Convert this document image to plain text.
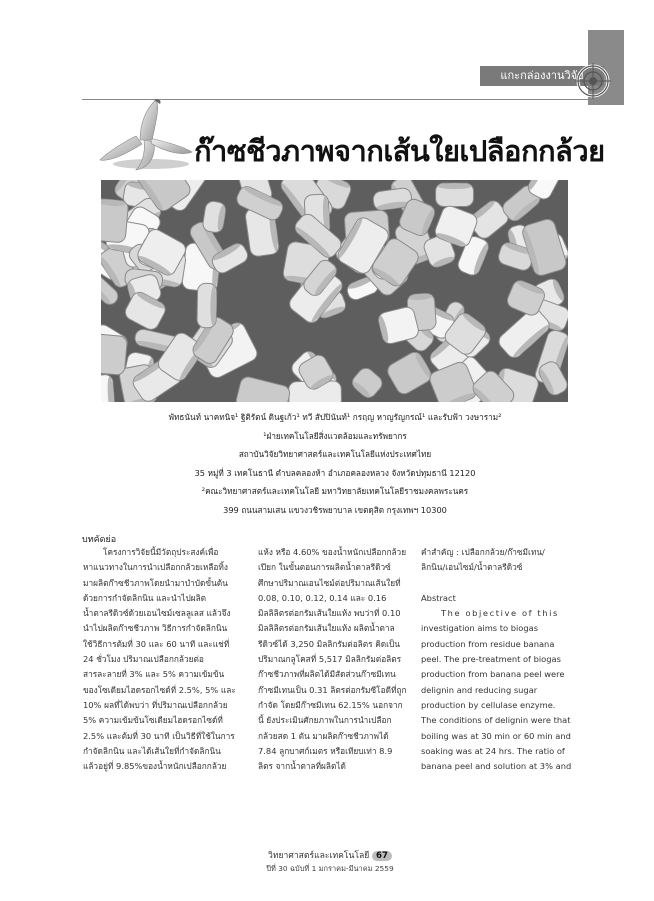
แกะกล่องงานวิจัย
ก๊าซชีวภาพจากเส้นใยเปลือกกล้วย
พัทธนันท์ นาคทนิจ¹ ฐิติรัตน์ ดินฐเก้ว¹ ทวี สัปปินันท์¹ กรฤญ หาญรัญกรณ์¹ และรับฟ้า วงษาราม²
¹ฝ่ายเทคโนโลยีสิ่งแวดล้อมและทรัพยากร
สถาบันวิจัยวิทยาศาสตร์และเทคโนโลยีแห่งประเทศไทย
35 หมู่ที่ 3 เทคโนธานี ตำบลคลองห้า อำเภอคลองหลวง จังหวัดปทุมธานี 12120
²คณะวิทยาศาสตร์และเทคโนโลยี มหาวิทยาลัยเทคโนโลยีราชมงคลพระนคร
399 ถนนสามเสน แขวงวชิรพยาบาล เขตดุสิต กรุงเทพฯ 10300
บทคัดย่อ

โครงการวิจัยนี้มีวัตถุประสงค์เพื่อ

หาแนวทางในการนำเปลือกกล้วยเหลือทิ้ง

มาผลิตก๊าซชีวภาพโดยนำมาบำบัดขั้นต้น

ด้วยการกำจัดลิกนิน และนำไปผลิต

น้ำตาลรีดิวซ์ด้วยเอนไซม์เซลลูเลส แล้วจึง

นำไปผลิตก๊าซชีวภาพ วิธีการกำจัดลิกนิน

ใช้วิธีการต้มที่ 30 และ 60 นาที และแช่ที่

24 ชั่วโมง ปริมาณเปลือกกล้วยต่อ

สารละลายที่ 3% และ 5% ความเข้มข้น

ของโซเดียมไฮดรอกไซด์ที่ 2.5%, 5% และ

10% ผลที่ได้พบว่า ที่ปริมาณเปลือกกล้วย

5% ความเข้มข้นโซเดียมไฮดรอกไซด์ที่

2.5% และต้มที่ 30 นาที เป็นวิธีที่ใช้ในการ

กำจัดลิกนิน และได้เส้นใยที่กำจัดลิกนิน

แล้วอยู่ที่ 9.85%ของน้ำหนักเปลือกกล้วย

แห้ง หรือ 4.60% ของน้ำหนักเปลือกกล้วย

เปียก ในขั้นตอนการผลิตน้ำตาลรีดิวซ์

ศึกษาปริมาณเอนไซม์ต่อปริมาณเส้นใยที่

0.08, 0.10, 0.12, 0.14 และ 0.16

มิลลิลิตรต่อกรัมเส้นใยแห้ง พบว่าที่ 0.10

มิลลิลิตรต่อกรัมเส้นใยแห้ง ผลิตน้ำตาล

รีดิวซ์ได้ 3,250 มิลลิกรัมต่อลิตร คิดเป็น

ปริมาณกลูโคสที่ 5,517 มิลลิกรัมต่อลิตร

ก๊าซชีวภาพที่ผลิตได้มีสัดส่วนก๊าซมีเทน

ก๊าซมีเทนเป็น 0.31 ลิตรต่อกรัมซีโอดีที่ถูก

กำจัด โดยมีก๊าซมีเทน 62.15% นอกจาก

นี้ ยังประเมินศักยภาพในการนำเปลือก

กล้วยสด 1 ตัน มาผลิตก๊าซชีวภาพได้

7.84 ลูกบาศก์เมตร หรือเทียบเท่า 8.9

ลิตร จากน้ำตาลที่ผลิตได้

คำสำคัญ : เปลือกกล้วย/ก๊าซมีเทน/

ลิกนิน/เอนไซม์/น้ำตาลรีดิวซ์

Abstract

The objective of this

investigation aims to biogas

production from residue banana

peel. The pre-treatment of biogas

production from banana peel were

delignin and reducing sugar

production by cellulase enzyme.

The conditions of delignin were that

boiling was at 30 min or 60 min and

soaking was at 24 hrs. The ratio of

banana peel and solution at 3% and

วิทยาศาสตร์และเทคโนโลยี 67
ปีที่ 30 ฉบับที่ 1 มกราคม-มีนาคม 2559
